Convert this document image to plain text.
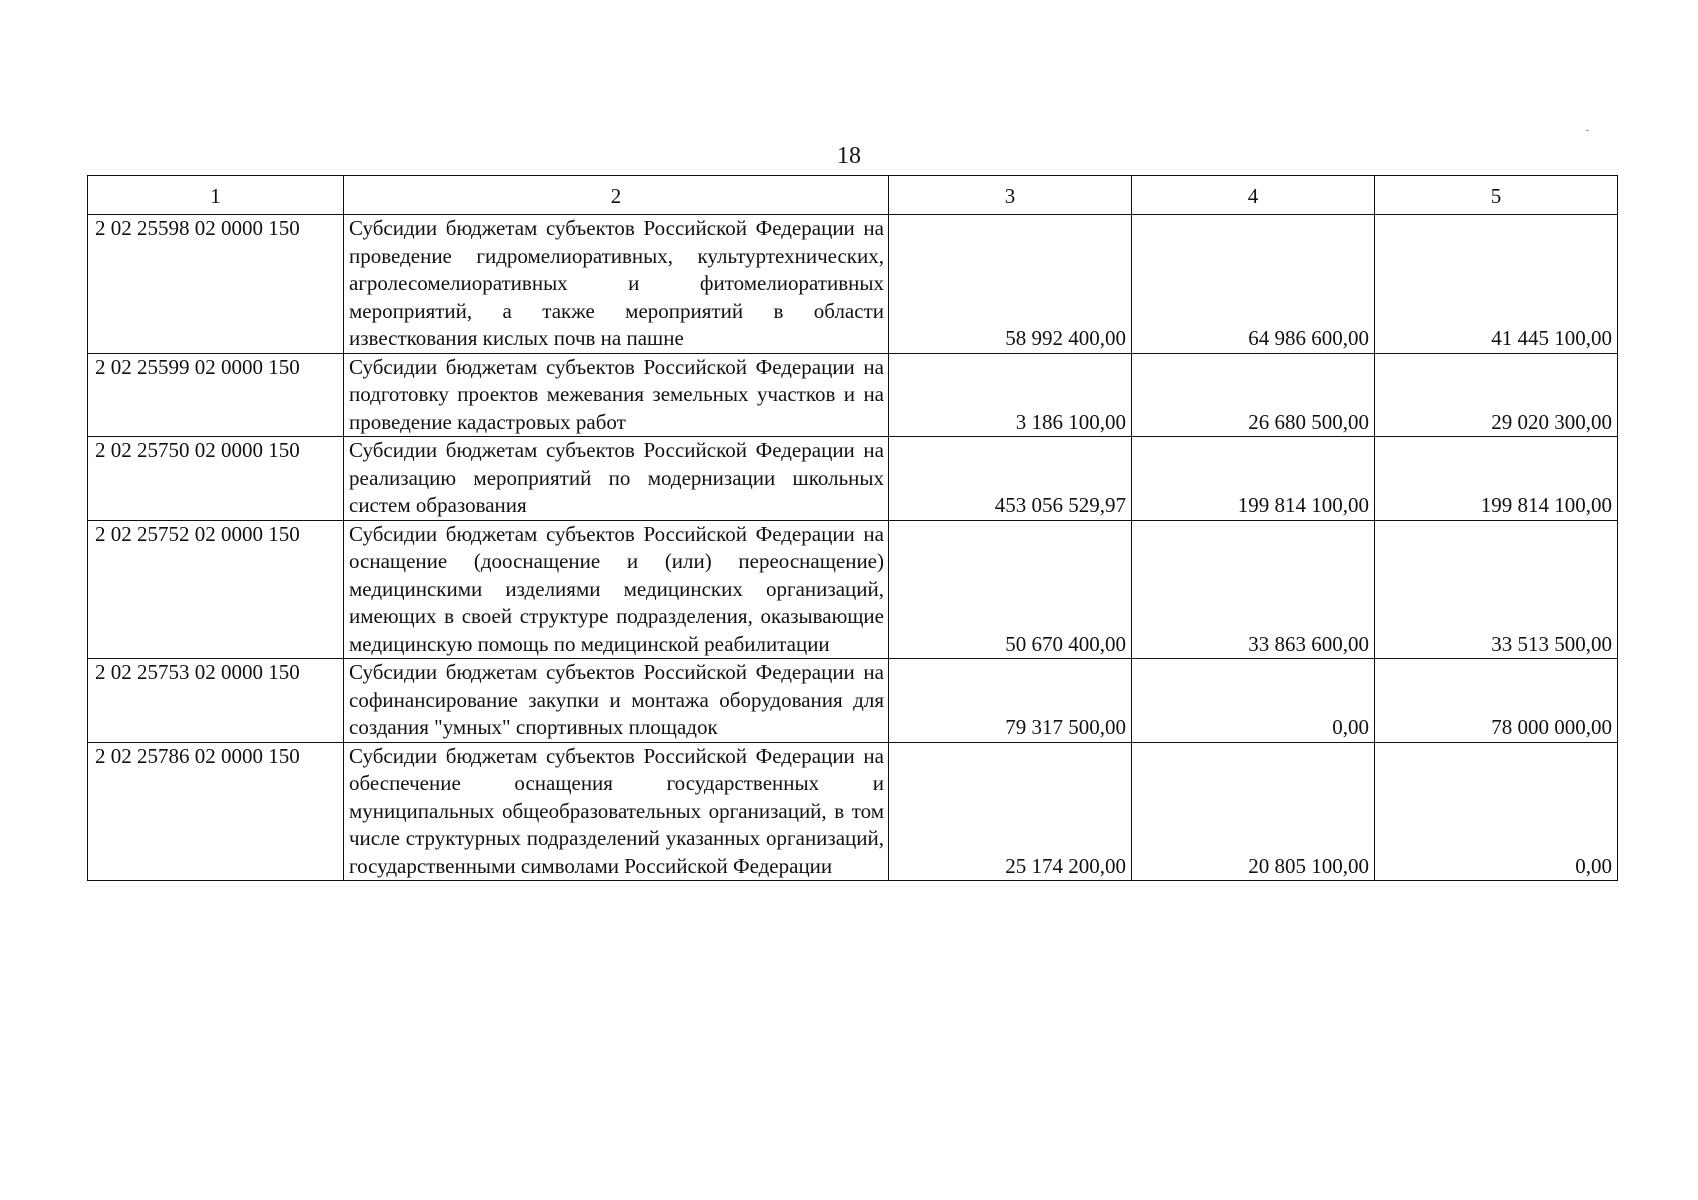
18
1	2	3	4	5
2 02 25598 02 0000 150	Субсидии бюджетам субъектов Российской Федерации на проведение гидромелиоративных, культуртехнических, агролесомелиоративных и фитомелиоративных мероприятий, а также мероприятий в области известкования кислых почв на пашне	58 992 400,00	64 986 600,00	41 445 100,00
2 02 25599 02 0000 150	Субсидии бюджетам субъектов Российской Федерации на подготовку проектов межевания земельных участков и на проведение кадастровых работ	3 186 100,00	26 680 500,00	29 020 300,00
2 02 25750 02 0000 150	Субсидии бюджетам субъектов Российской Федерации на реализацию мероприятий по модернизации школьных систем образования	453 056 529,97	199 814 100,00	199 814 100,00
2 02 25752 02 0000 150	Субсидии бюджетам субъектов Российской Федерации на оснащение (дооснащение и (или) переоснащение) медицинскими изделиями медицинских организаций, имеющих в своей структуре подразделения, оказывающие медицинскую помощь по медицинской реабилитации	50 670 400,00	33 863 600,00	33 513 500,00
2 02 25753 02 0000 150	Субсидии бюджетам субъектов Российской Федерации на софинансирование закупки и монтажа оборудования для создания "умных" спортивных площадок	79 317 500,00	0,00	78 000 000,00
2 02 25786 02 0000 150	Субсидии бюджетам субъектов Российской Федерации на обеспечение оснащения государственных и муниципальных общеобразовательных организаций, в том числе структурных подразделений указанных организаций, государственными символами Российской Федерации	25 174 200,00	20 805 100,00	0,00
